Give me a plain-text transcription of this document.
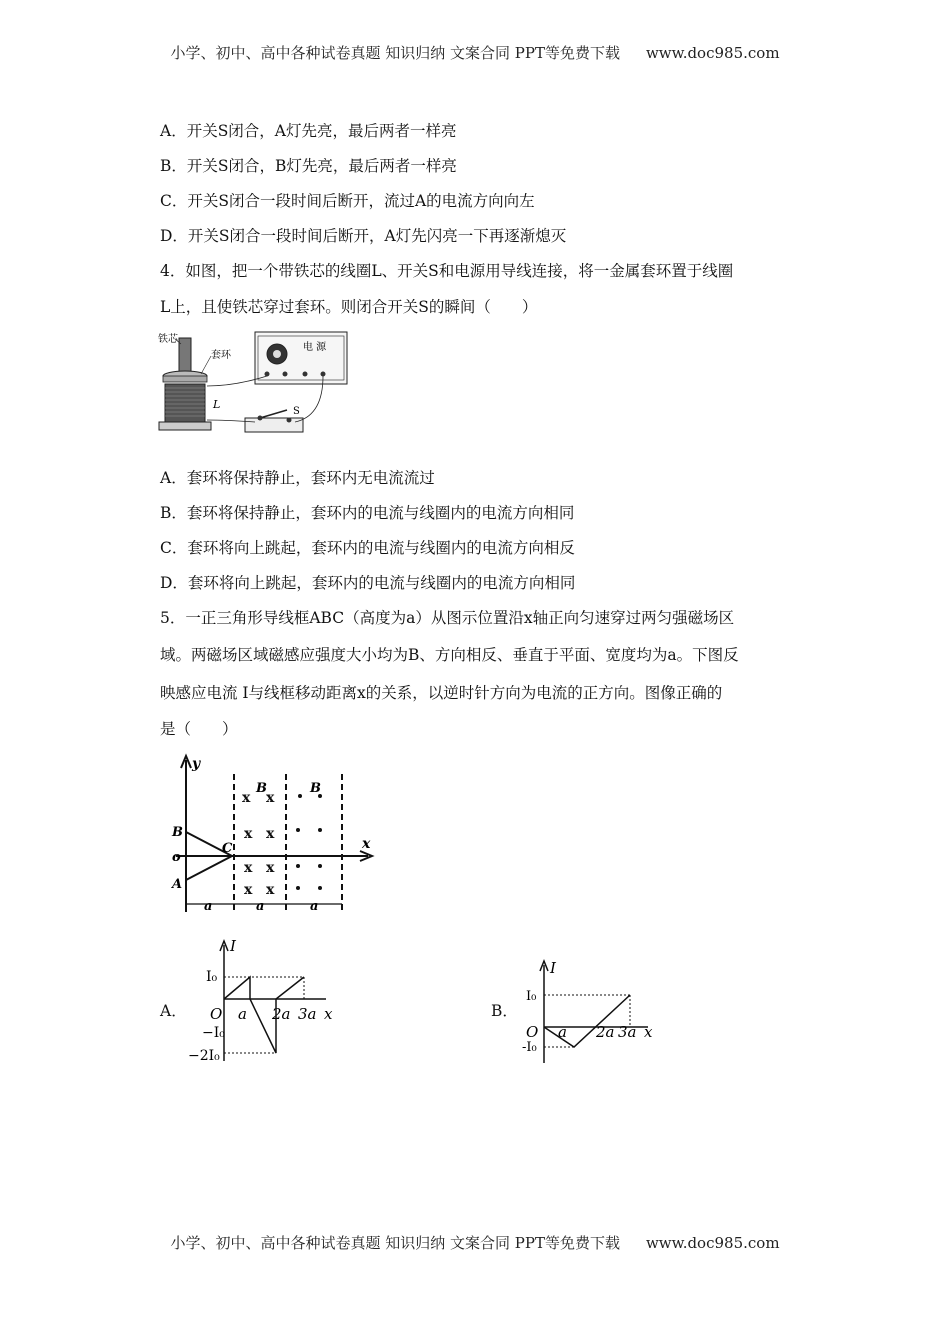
小学、初中、高中各种试卷真题 知识归纳 文案合同 PPT等免费下载 www.doc985.com
A．开关S闭合，A灯先亮，最后两者一样亮
B．开关S闭合，B灯先亮，最后两者一样亮
C．开关S闭合一段时间后断开，流过A的电流方向向左
D．开关S闭合一段时间后断开，A灯先闪亮一下再逐渐熄灭
4．如图，把一个带铁芯的线圈L、开关S和电源用导线连接，将一金属套环置于线圈
L上，且使铁芯穿过套环。则闭合开关S的瞬间（　　）
铁芯
套环
L
电 源
S
A．套环将保持静止，套环内无电流流过
B．套环将保持静止，套环内的电流与线圈内的电流方向相同
C．套环将向上跳起，套环内的电流与线圈内的电流方向相反
D．套环将向上跳起，套环内的电流与线圈内的电流方向相同
5．一正三角形导线框ABC（高度为a）从图示位置沿x轴正向匀速穿过两匀强磁场区
域。两磁场区域磁感应强度大小均为B、方向相反、垂直于平面、宽度均为a。下图反
映感应电流 I与线框移动距离x的关系，以逆时针方向为电流的正方向。图像正确的
是（　　）
y
x
o
B
A
C
x x
x x
x x
x x
B	B
a	a	a
A．
I
I₀
O
−I₀
−2I₀
a 2a 3a x	B．
I
I₀
O
-I₀
a 2a 3a x
小学、初中、高中各种试卷真题 知识归纳 文案合同 PPT等免费下载 www.doc985.com
